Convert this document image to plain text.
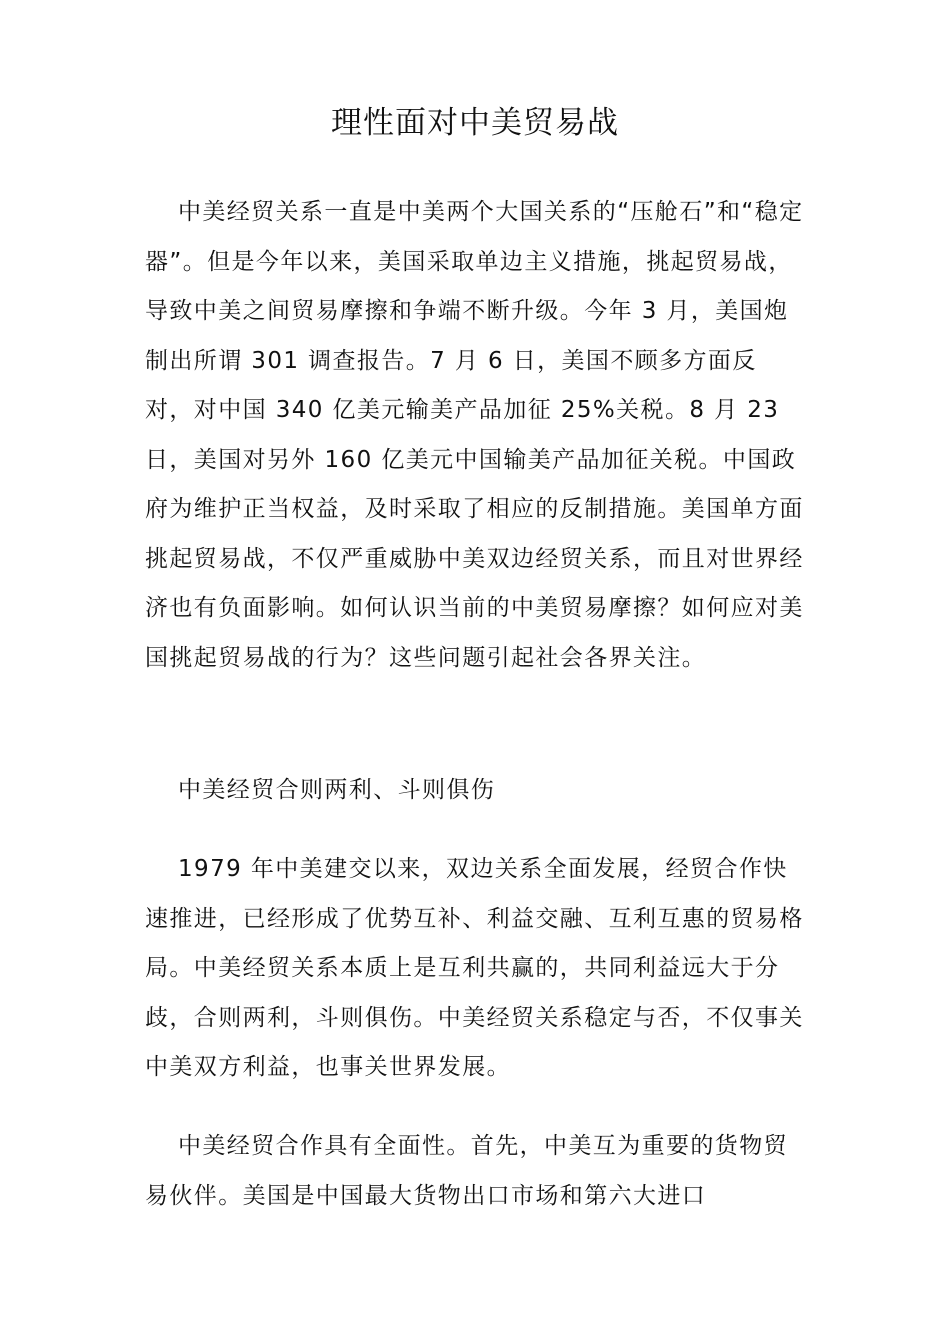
理性面对中美贸易战

中美经贸关系一直是中美两个大国关系的“压舱石”和“稳定器”。但是今年以来，美国采取单边主义措施，挑起贸易战，导致中美之间贸易摩擦和争端不断升级。今年 3 月，美国炮制出所谓 301 调查报告。7 月 6 日，美国不顾多方面反对，对中国 340 亿美元输美产品加征 25%关税。8 月 23 日，美国对另外 160 亿美元中国输美产品加征关税。中国政府为维护正当权益，及时采取了相应的反制措施。美国单方面挑起贸易战，不仅严重威胁中美双边经贸关系，而且对世界经济也有负面影响。如何认识当前的中美贸易摩擦？如何应对美国挑起贸易战的行为？这些问题引起社会各界关注。

中美经贸合则两利、斗则俱伤

1979 年中美建交以来，双边关系全面发展，经贸合作快速推进，已经形成了优势互补、利益交融、互利互惠的贸易格局。中美经贸关系本质上是互利共赢的，共同利益远大于分歧，合则两利，斗则俱伤。中美经贸关系稳定与否，不仅事关中美双方利益，也事关世界发展。

中美经贸合作具有全面性。首先，中美互为重要的货物贸易伙伴。美国是中国最大货物出口市场和第六大进口
